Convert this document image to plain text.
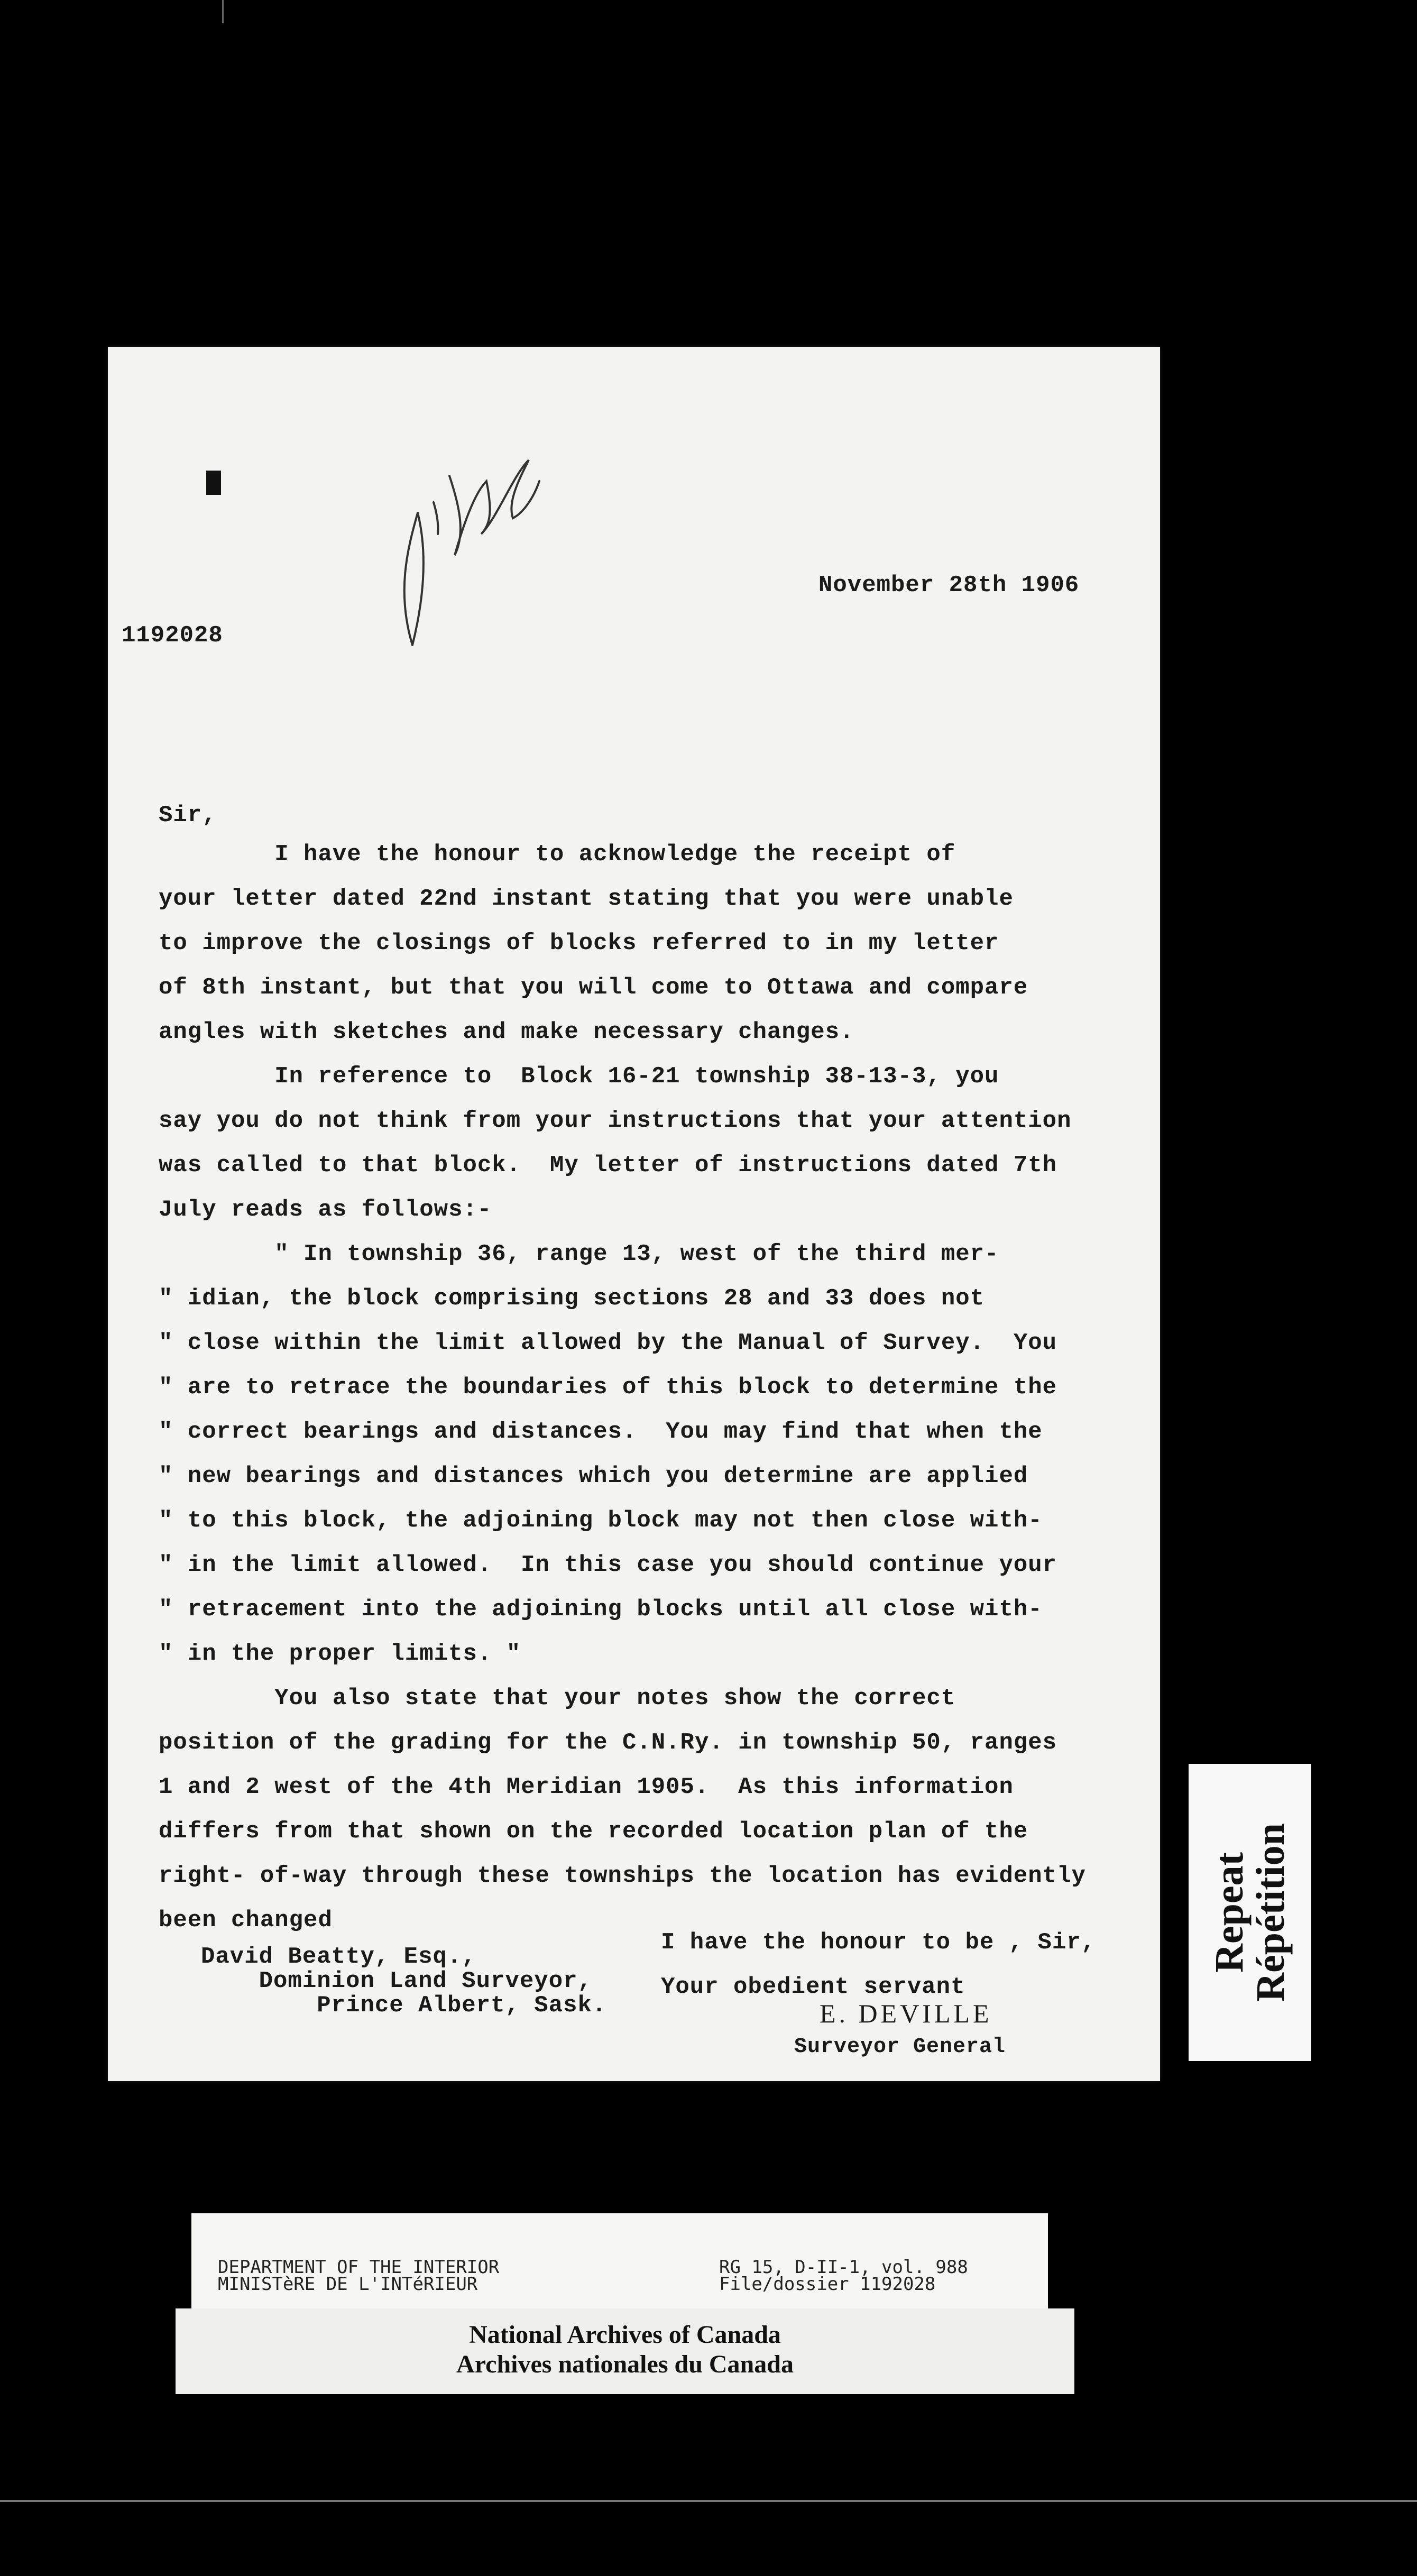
November 28th 1906
1192028
Sir,
I have the honour to acknowledge the receipt of
your letter dated 22nd instant stating that you were unable
to improve the closings of blocks referred to in my letter
of 8th instant, but that you will come to Ottawa and compare
angles with sketches and make necessary changes.
In reference to  Block 16-21 township 38-13-3, you
say you do not think from your instructions that your attention
was called to that block.  My letter of instructions dated 7th
July reads as follows:-
" In township 36, range 13, west of the third mer-
" idian, the block comprising sections 28 and 33 does not
" close within the limit allowed by the Manual of Survey.  You
" are to retrace the boundaries of this block to determine the
" correct bearings and distances.  You may find that when the
" new bearings and distances which you determine are applied
" to this block, the adjoining block may not then close with-
" in the limit allowed.  In this case you should continue your
" retracement into the adjoining blocks until all close with-
" in the proper limits. "
You also state that your notes show the correct
position of the grading for the C.N.Ry. in township 50, ranges
1 and 2 west of the 4th Meridian 1905.  As this information
differs from that shown on the recorded location plan of the
right- of-way through these townships the location has evidently
been changed
David Beatty, Esq.,
Dominion Land Surveyor,
Prince Albert, Sask.
I have the honour to be , Sir,
Your obedient servant
E. DEVILLE
Surveyor General
Repeat
Répétition
DEPARTMENT OF THE INTERIOR
MINISTèRE DE L'INTéRIEUR
RG 15, D-II-1, vol. 988
File/dossier 1192028
National Archives of Canada
Archives nationales du Canada
